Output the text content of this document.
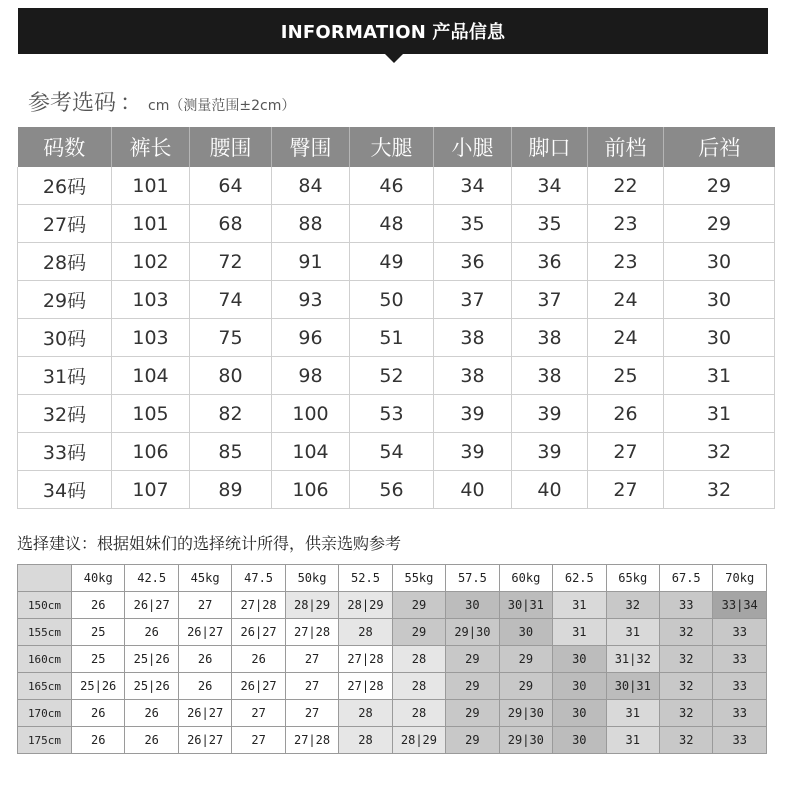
INFORMATION 产品信息
参考选码 ： cm（测量范围±2cm）
码数	裤长	腰围	臀围	大腿	小腿	脚口	前档	后裆
26码	101	64	84	46	34	34	22	29
27码	101	68	88	48	35	35	23	29
28码	102	72	91	49	36	36	23	30
29码	103	74	93	50	37	37	24	30
30码	103	75	96	51	38	38	24	30
31码	104	80	98	52	38	38	25	31
32码	105	82	100	53	39	39	26	31
33码	106	85	104	54	39	39	27	32
34码	107	89	106	56	40	40	27	32
选择建议：根据姐妹们的选择统计所得，供亲选购参考
	40kg	42.5	45kg	47.5	50kg	52.5	55kg	57.5	60kg	62.5	65kg	67.5	70kg
150cm	26	26|27	27	27|28	28|29	28|29	29	30	30|31	31	32	33	33|34
155cm	25	26	26|27	26|27	27|28	28	29	29|30	30	31	31	32	33
160cm	25	25|26	26	26	27	27|28	28	29	29	30	31|32	32	33
165cm	25|26	25|26	26	26|27	27	27|28	28	29	29	30	30|31	32	33
170cm	26	26	26|27	27	27	28	28	29	29|30	30	31	32	33
175cm	26	26	26|27	27	27|28	28	28|29	29	29|30	30	31	32	33
